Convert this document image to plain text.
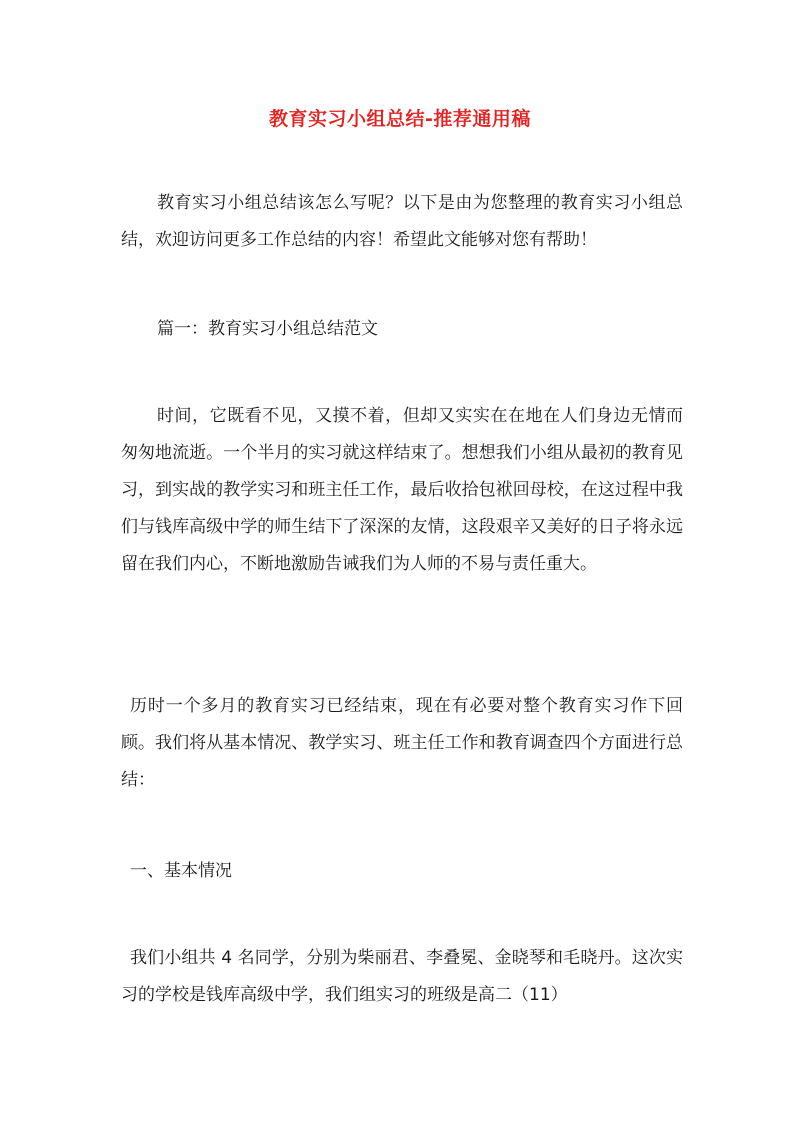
教育实习小组总结-推荐通用稿
教育实习小组总结该怎么写呢？以下是由为您整理的教育实习小组总结，欢迎访问更多工作总结的内容！希望此文能够对您有帮助！
篇一：教育实习小组总结范文
时间，它既看不见，又摸不着，但却又实实在在地在人们身边无情而匆匆地流逝。一个半月的实习就这样结束了。想想我们小组从最初的教育见习，到实战的教学实习和班主任工作，最后收拾包袱回母校，在这过程中我们与钱库高级中学的师生结下了深深的友情，这段艰辛又美好的日子将永远留在我们内心，不断地激励告诫我们为人师的不易与责任重大。
历时一个多月的教育实习已经结束，现在有必要对整个教育实习作下回顾。我们将从基本情况、教学实习、班主任工作和教育调查四个方面进行总结：
一、基本情况
我们小组共 4 名同学，分别为柴丽君、李叠冕、金晓琴和毛晓丹。这次实习的学校是钱库高级中学，我们组实习的班级是高二（11）
